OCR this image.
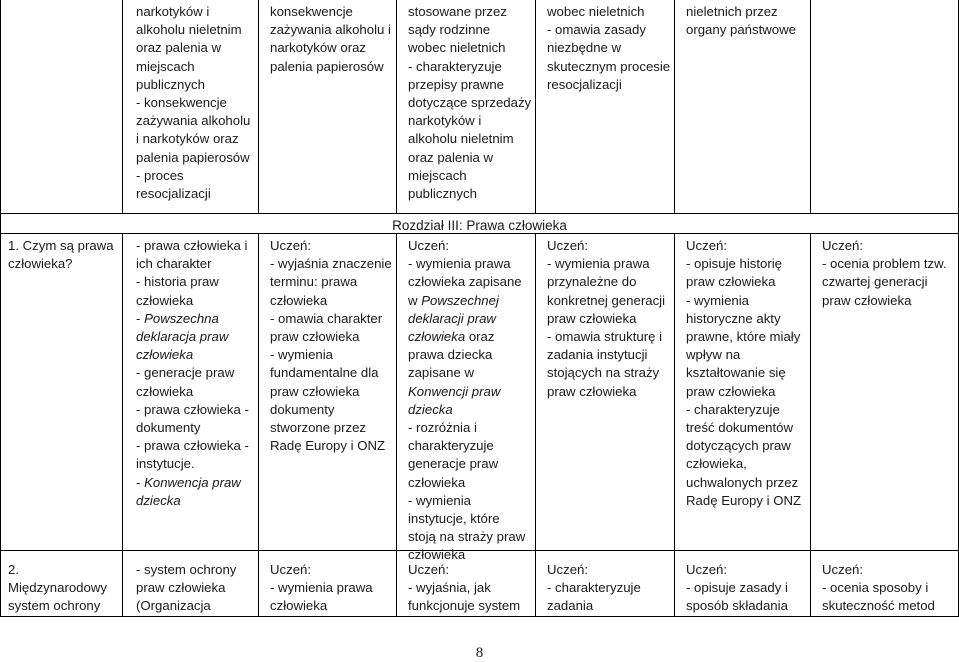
narkotyków i
alkoholu nieletnim
oraz palenia w
miejscach
publicznych
- konsekwencje
zażywania alkoholu
i narkotyków oraz
palenia papierosów
- proces
resocjalizacji
konsekwencje
zażywania alkoholu i
narkotyków oraz
palenia papierosów
stosowane przez
sądy rodzinne
wobec nieletnich
- charakteryzuje
przepisy prawne
dotyczące sprzedaży
narkotyków i
alkoholu nieletnim
oraz palenia w
miejscach
publicznych
wobec nieletnich
- omawia zasady
niezbędne w
skutecznym procesie
resocjalizacji
nieletnich przez
organy państwowe
Rozdział III: Prawa człowieka
1. Czym są prawa
człowieka?
- prawa człowieka i
ich charakter
- historia praw
człowieka
- Powszechna
deklaracja praw
człowieka
- generacje praw
człowieka
- prawa człowieka -
dokumenty
- prawa człowieka -
instytucje.
- Konwencja praw
dziecka
Uczeń:
- wyjaśnia znaczenie
terminu: prawa
człowieka
- omawia charakter
praw człowieka
- wymienia
fundamentalne dla
praw człowieka
dokumenty
stworzone przez
Radę Europy i ONZ
Uczeń:
- wymienia prawa
człowieka zapisane
w Powszechnej
deklaracji praw
człowieka oraz
prawa dziecka
zapisane w
Konwencji praw
dziecka
- rozróżnia i
charakteryzuje
generacje praw
człowieka
- wymienia
instytucje, które
stoją na straży praw
człowieka
Uczeń:
- wymienia prawa
przynależne do
konkretnej generacji
praw człowieka
- omawia strukturę i
zadania instytucji
stojących na straży
praw człowieka
Uczeń:
- opisuje historię
praw człowieka
- wymienia
historyczne akty
prawne, które miały
wpływ na
kształtowanie się
praw człowieka
- charakteryzuje
treść dokumentów
dotyczących praw
człowieka,
uchwalonych przez
Radę Europy i ONZ
Uczeń:
- ocenia problem tzw.
czwartej generacji
praw człowieka
2.
Międzynarodowy
system ochrony
- system ochrony
praw człowieka
(Organizacja
Uczeń:
- wymienia prawa
człowieka
Uczeń:
- wyjaśnia, jak
funkcjonuje system
Uczeń:
- charakteryzuje
zadania
Uczeń:
- opisuje zasady i
sposób składania
Uczeń:
- ocenia sposoby i
skuteczność metod
8
